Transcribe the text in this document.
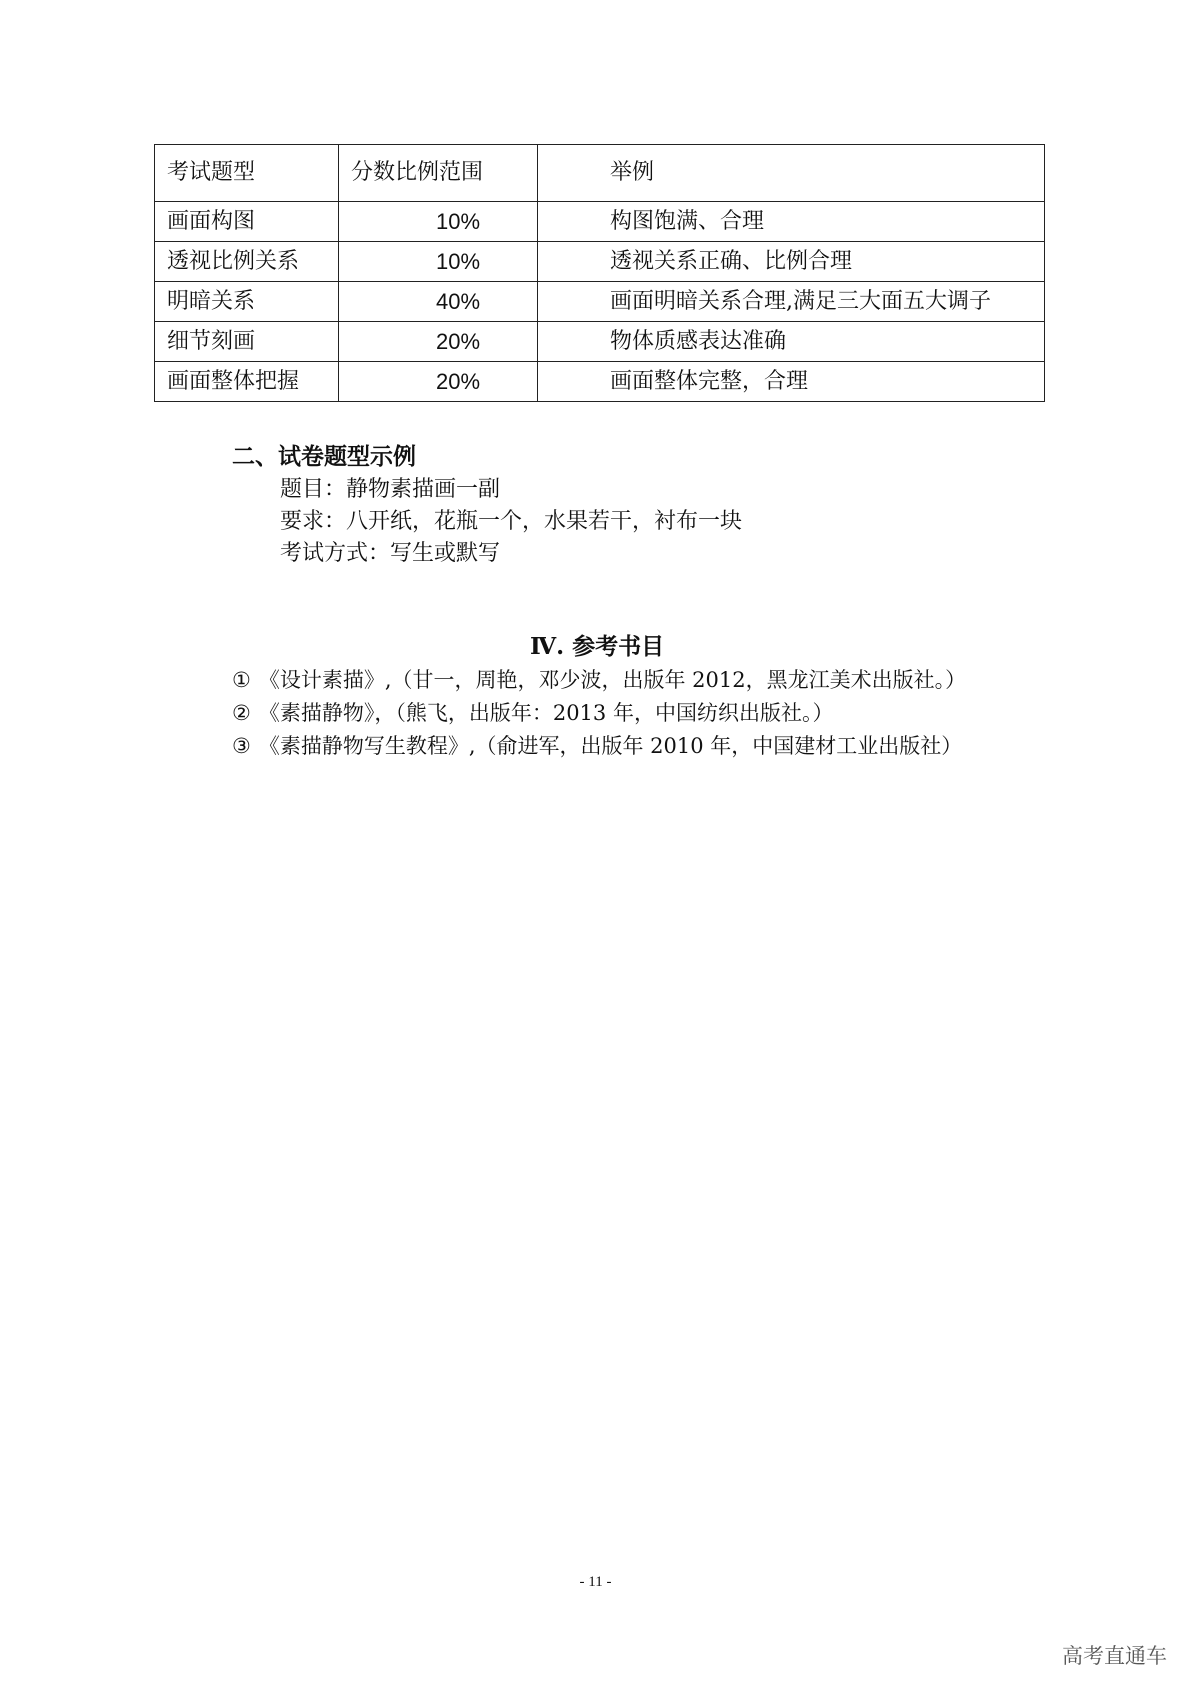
考试题型	分数比例范围	举例
画面构图	10%	构图饱满、合理
透视比例关系	10%	透视关系正确、比例合理
明暗关系	40%	画面明暗关系合理,满足三大面五大调子
细节刻画	20%	物体质感表达准确
画面整体把握	20%	画面整体完整，合理
二、试卷题型示例
题目：静物素描画一副
要求：八开纸，花瓶一个，水果若干，衬布一块
考试方式：写生或默写
Ⅳ. 参考书目
① 《设计素描》,（甘一，周艳，邓少波，出版年 2012，黑龙江美术出版社。）
② 《素描静物》，（熊飞，出版年：2013 年，中国纺织出版社。）
③ 《素描静物写生教程》,（俞进军，出版年 2010 年，中国建材工业出版社）
- 11 -
高考直通车
